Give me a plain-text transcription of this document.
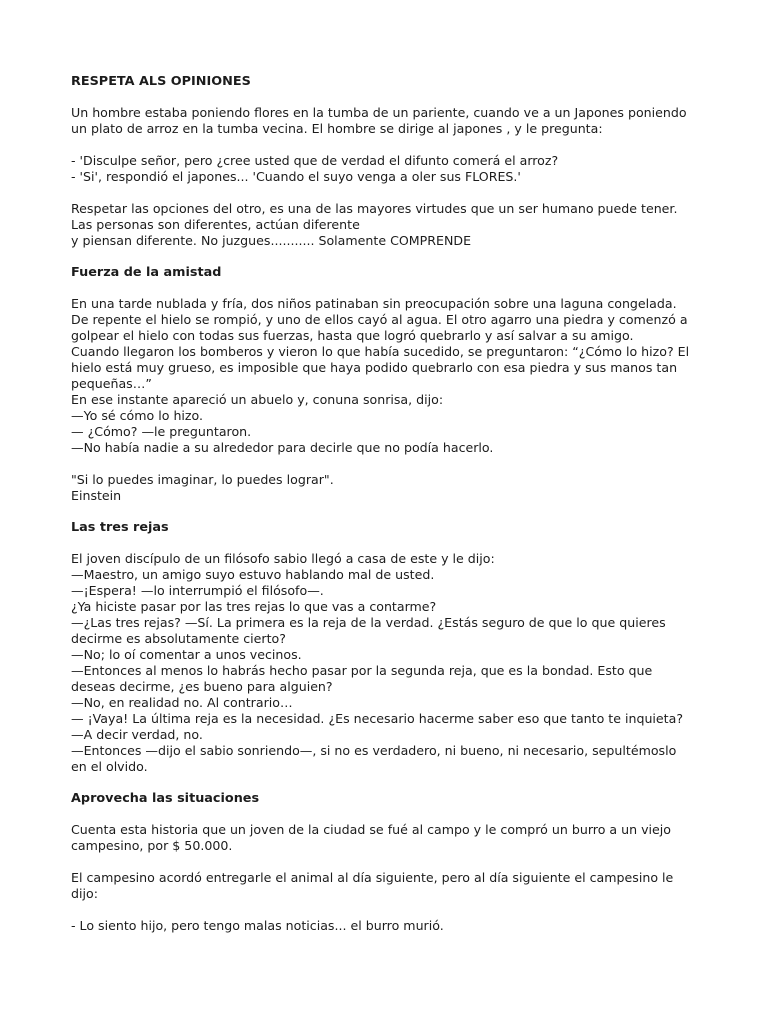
RESPETA ALS OPINIONES
Un hombre estaba poniendo flores en la tumba de un pariente, cuando ve a un Japones poniendo
un plato de arroz en la tumba vecina. El hombre se dirige al japones , y le pregunta:
- 'Disculpe señor, pero ¿cree usted que de verdad el difunto comerá el arroz?
- 'Si', respondió el japones... 'Cuando el suyo venga a oler sus FLORES.'
Respetar las opciones del otro, es una de las mayores virtudes que un ser humano puede tener.
Las personas son diferentes, actúan diferente
y piensan diferente. No juzgues........... Solamente COMPRENDE
Fuerza de la amistad
En una tarde nublada y fría, dos niños patinaban sin preocupación sobre una laguna congelada.
De repente el hielo se rompió, y uno de ellos cayó al agua. El otro agarro una piedra y comenzó a
golpear el hielo con todas sus fuerzas, hasta que logró quebrarlo y así salvar a su amigo.
Cuando llegaron los bomberos y vieron lo que había sucedido, se preguntaron: “¿Cómo lo hizo? El
hielo está muy grueso, es imposible que haya podido quebrarlo con esa piedra y sus manos tan
pequeñas…”
En ese instante apareció un abuelo y, conuna sonrisa, dijo:
—Yo sé cómo lo hizo.
— ¿Cómo? —le preguntaron.
—No había nadie a su alrededor para decirle que no podía hacerlo.
"Si lo puedes imaginar, lo puedes lograr".
Einstein
Las tres rejas
El joven discípulo de un filósofo sabio llegó a casa de este y le dijo:
—Maestro, un amigo suyo estuvo hablando mal de usted.
—¡Espera! —lo interrumpió el filósofo—.
¿Ya hiciste pasar por las tres rejas lo que vas a contarme?
—¿Las tres rejas? —Sí. La primera es la reja de la verdad. ¿Estás seguro de que lo que quieres
decirme es absolutamente cierto?
—No; lo oí comentar a unos vecinos.
—Entonces al menos lo habrás hecho pasar por la segunda reja, que es la bondad. Esto que
deseas decirme, ¿es bueno para alguien?
—No, en realidad no. Al contrario…
— ¡Vaya! La última reja es la necesidad. ¿Es necesario hacerme saber eso que tanto te inquieta?
—A decir verdad, no.
—Entonces —dijo el sabio sonriendo—, si no es verdadero, ni bueno, ni necesario, sepultémoslo
en el olvido.
Aprovecha las situaciones
Cuenta esta historia que un joven de la ciudad se fué al campo y le compró un burro a un viejo
campesino, por $ 50.000.
El campesino acordó entregarle el animal al día siguiente, pero al día siguiente el campesino le
dijo:
- Lo siento hijo, pero tengo malas noticias... el burro murió.
